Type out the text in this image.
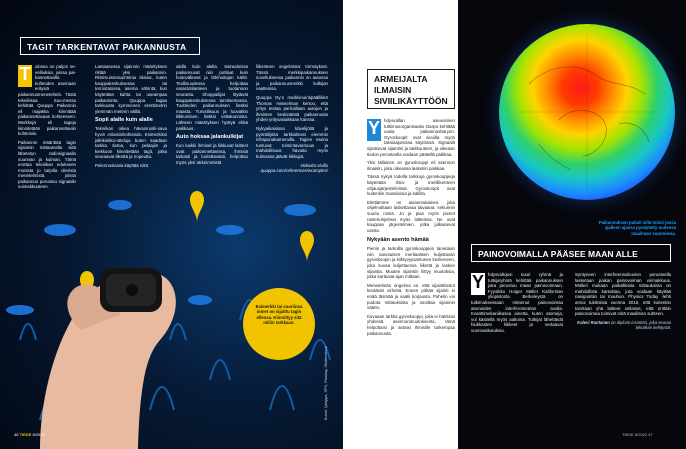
TAGIT TARKENTAVAT PAIKANNUSTA
T	ulossa on paljon se-velliuksia, joissa pai-kannettavilla kohteiden asemaan eritysiä paikannusmenetelmiä. Tästä tekniikkaa Suo-messa kehittää Quuppa Paikannin eli majakka kiinnittää paikannettavaan kohteeseen. Merkkejä eli tageja kiinnitetään paikannettaviin kohteisiin.

Paikannin määrittää tagin sijainnin mittaamalla siitä lähetetyn radiosignaalin suunnan ja kulman. Tämä erottaa tekniikan edukseen monista jo tarjolla olevista menetelmistä, joissa paikannus perustuu signaalin voimakkuuteen.

Lantaasessa sijainnin määrityksen riittää yksi paikannin. Ristimuistossuihtimia tikissa, kuten kauppakeskuksessa tai terrostalossa, asema vähintä, kun käytetään kahta tai useampaa paikanninta. Quuppa tagaa tarkkuutta kymmenen senttimetrin ylemmän meterin väillä.

Sopii alalle kuin alalle

Tekniikan oikea hävainnoitii-sava hyvin erilaisiinkohteisiin. Esimerkiksi jalkikiekko-otteluja kuten saadaan tarkka tietoa, kun pelaajiin ja kiekkoon kiinnitetään tagit, jotka seuraavat liikettä ja nopeutta.

Pelennuslaisia käyttää niitä

alalla kuin alalla. Sairaaloissa paikannuvat niin potilaat kuin hoitovälineet ja lähihoitajan kärkt. Teollisuudessa helpottaa varastotilanteen ja tuotannon seuranta. Shoppailijat löytävät kauppakeskuksessa tarvitsemansa. Tuotteiden paikannuksen lisäksi maasta. Turvallisuus ja luovatkin liikkumisen, lisäksi valtakunnista. Lähteen määrityksen hyötyä ehkä paikkaus.

Auto hoksaa jalankulkijat

Kun kaikki ihmiset ja liikkuvat laitteet ovat paikannettavissa, ihmisiä tarkasti ja luotettavasti, helpottuu myös yksi tärkeimmistä

liikenteen ongelmista: törmäykset. Tässä merkkipaikannuksen sovelluksessa paikannin on autossa ja paikannusmerkki kulkijan vaatteissa.

Quuppa Oy:n markkinointipäällikkö Thomas Hasselman kertoo, että yritys testaa parhaillaan autojen ja ihmisten keskinäistä paikannusta yhden yritysasiakkaan kanssa.

Nykyaikaisissa kävelijöitä ja pyöräilijöitä tarkkailevat eiemmin infrapunakameroilla. Tagien etuina tuntuvat toimintavarmuus ja mahdollisuus havaita myös kulmassa jäävät liikkujat.

Videoita sivilla quuppa.com/references/examples/

Esimerkki tai suuriinsa nimet on sijaittu tagin ollessa. Kiinnittyy sitä miliin tarkkaan.
Kuvat: Quuppa, SPS, Pixabay, Shutterstock
46 TIEDE 8/2022
ARMEIJALTA ILMAISIN SIVIILIKÄYTTÖÖN
Y hdysvallan asevoimien tutkimusorganisaatio Darpa kehittää uusia paikannusbaryon. Gyroskoopit ovat sivuilla myös taksiaajoisissa käytöissä. Signaalit sijaitsevat sijaintiin ja tarkkuuteen, ja oikeaan tiedon perusteella voidaan päätellä paikkaa.

Yksi tällainen on gyroskooppi eli asennon ilmaisin, joka oikeassa lasketiin paikkaa.

Tässä nykyä todella tarkkoja gyroskooppeja käytetään ilma- ja meriliikenteen ohjausjärjestelmissä. Gyroskoopit ovat kuitenkin massiivisia ja kalliita.

Elettiämme on asianmukainen, joka ohjelmaltaan laskettavaa taivaana: sekunnin suuria nimiä. Jo ja pian myös pienet rasteriohjelmat myös laitteissa. Ne ovat kauppaa järjestelmien, jotka julkaisevat useita.

Nykyään asento hämää

Pienin ja tarkoilla gyroskooppien tarvetaan niin sanotuisen inertiaalisen kuljettavan gyroskoopin ja kiihtyvyysanturien keskeneen, joka kuvaa kuljettaessa liikettä ja laskee sijaintia. Muuten sijaintiin liittyy muutoksia, jotka karttuvat ajan mittaan.

Menetelmän ongelma on, että sijaintitiedot keräävät virheitä. Ennen pitkää sijainti ei enää täsmää ja vaatii korjausta. Puhelin voi pudota mittauksista ja osoittaa sijainnin väärin.

Kuvaaan tarkka gyroskooppi, joka ei häiritsisi yhdessä asennonmuutoksesta, tämä helpottaisi ja antaisi ihmisille tarkempaa paikannusta.

Paikannuksen pukuli sillä toimii jossa ajalleen ajassa pysäytetty uudessa maailman suunnassa.
PAINOVOIMALLA PÄÄSEE MAAN ALLE
Y hdysvaltojen suuri ryhmä ja tutkijaryhmä kehittää paikannuksen joka perustuu maan painovoimaan. Fyysikko Holger Müller Kalifornian yliopistosta Berkeleystä on tutkimuksessaan mitannut painovoimaa atomeiden interferometrian avulla. Kvanttimekaniikassa ainetta, kuten atomeja, voi käsitellä myös aaltoina. Tutkijat lähettävät hiukkasten liikkeet ja vertaavat vuorovaikutuksia.

Syntyneen interferenssikuvion perusteella lasketaan paikan painovoiman voimakkuus. Mülleri mukaan paikallisista mittauksista on mahdollista kartoittaa, jota voidaan käyttää navigointiin tai muuhun. Physics Today -lehti arvioi tuloksista vuonna 2015, että kuitenkin tarvitaan yhä laitteet sellaiset, että erittäin painovoimaa toimivat mitä maailman suhteen.

Kalevi Rantanen on diplomi-insinööri, joka seuraa tekniikan kehitystä.
TIEDE 8/2022 47
